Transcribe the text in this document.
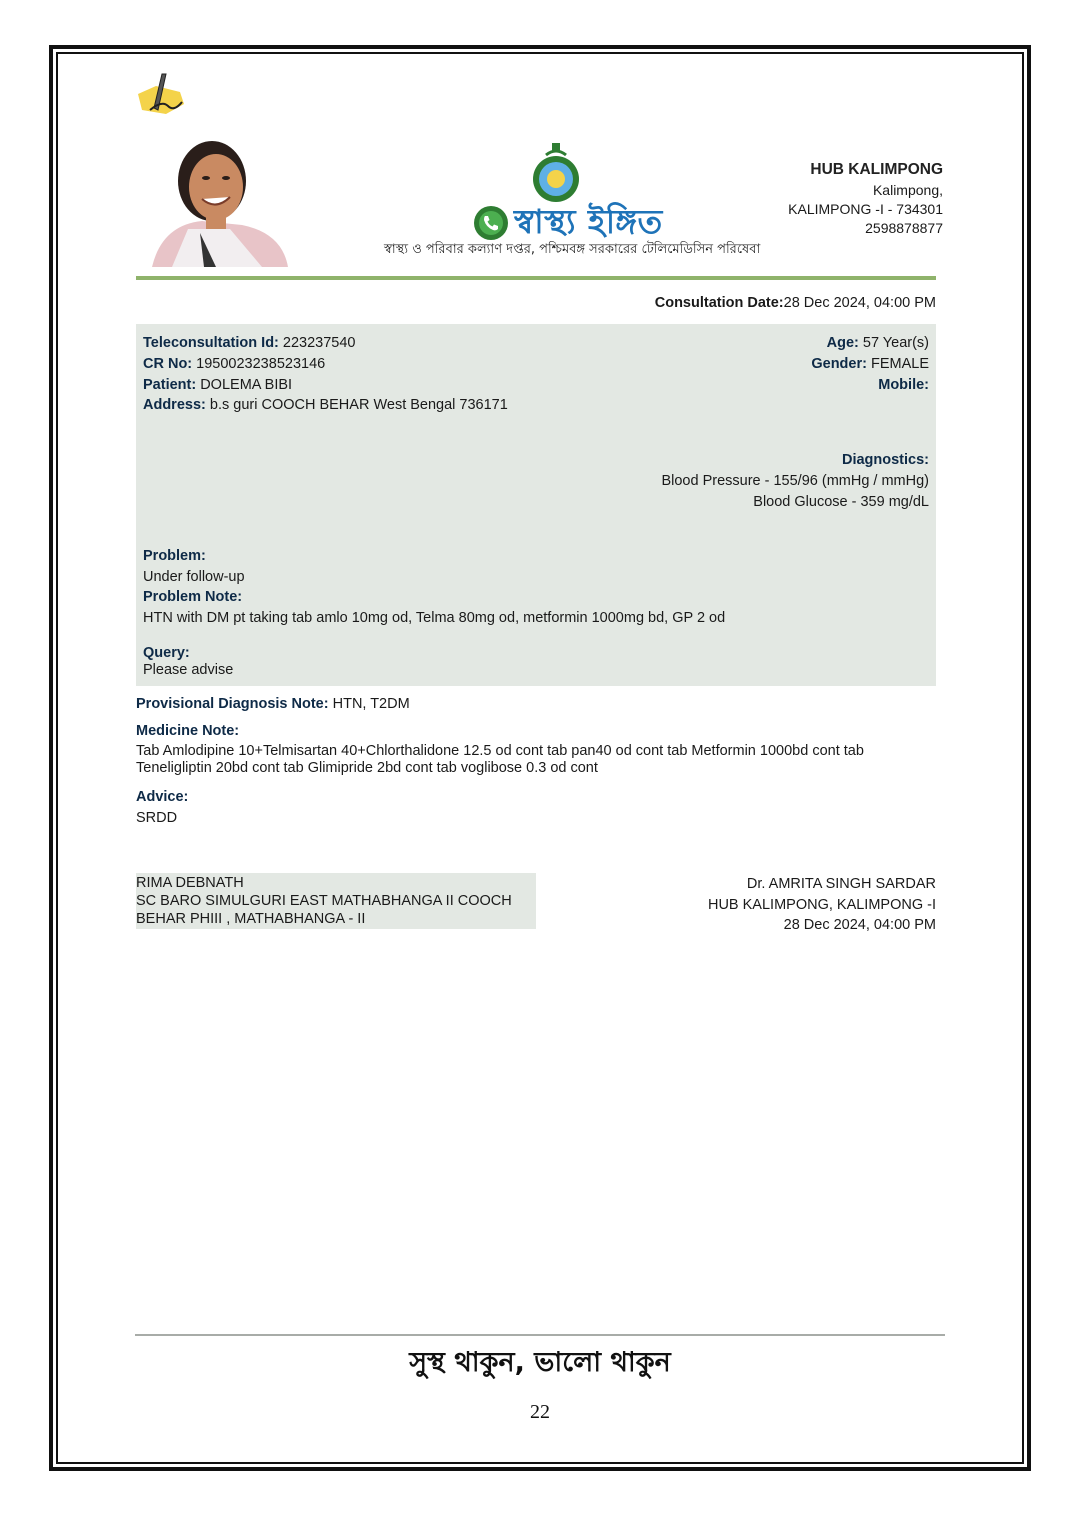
স্বাস্থ্য ইঙ্গিত
স্বাস্থ্য ও পরিবার কল্যাণ দপ্তর, পশ্চিমবঙ্গ সরকারের টেলিমেডিসিন পরিষেবা
HUB KALIMPONG
Kalimpong,
KALIMPONG -I - 734301
2598878877
Consultation Date:28 Dec 2024, 04:00 PM
Teleconsultation Id: 223237540
CR No: 1950023238523146
Patient: DOLEMA BIBI
Address: b.s guri COOCH BEHAR West Bengal 736171
Age: 57 Year(s)
Gender: FEMALE
Mobile:
Diagnostics:
Blood Pressure - 155/96 (mmHg / mmHg)
Blood Glucose - 359 mg/dL
Problem:
Under follow-up
Problem Note:
HTN with DM pt taking tab amlo 10mg od, Telma 80mg od, metformin 1000mg bd, GP 2 od
Query:
Please advise
Provisional Diagnosis Note: HTN, T2DM
Medicine Note:
Tab Amlodipine 10+Telmisartan 40+Chlorthalidone 12.5 od cont tab pan40 od cont tab Metformin 1000bd cont tab
Teneligliptin 20bd cont tab Glimipride 2bd cont tab voglibose 0.3 od cont
Advice:
SRDD
RIMA DEBNATH
SC BARO SIMULGURI EAST MATHABHANGA II COOCH
BEHAR PHIII , MATHABHANGA - II
Dr. AMRITA SINGH SARDAR
HUB KALIMPONG, KALIMPONG -I
28 Dec 2024, 04:00 PM
সুস্থ থাকুন, ভালো থাকুন
22
